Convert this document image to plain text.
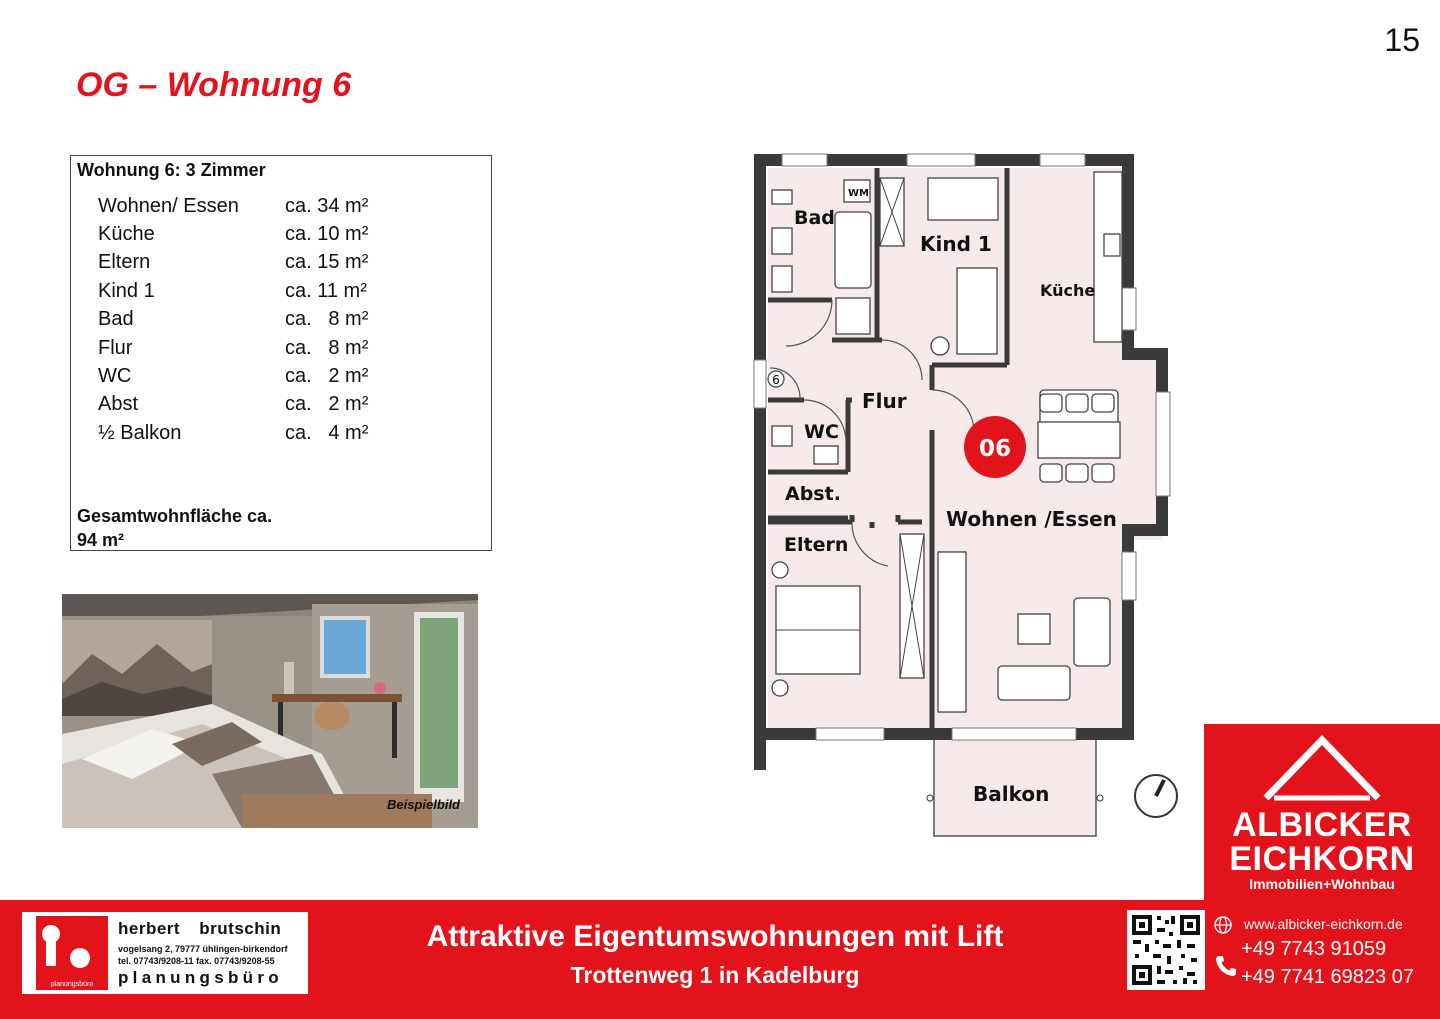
15
OG – Wohnung 6
Wohnung 6: 3 Zimmer
Wohnen/ Essen	ca. 34 m²
Küche	ca. 10 m²
Eltern	ca. 15 m²
Kind 1	ca. 11 m²
Bad	ca.   8 m²
Flur	ca.   8 m²
WC	ca.   2 m²
Abst	ca.   2 m²
½ Balkon	ca.   4 m²
Gesamtwohnfläche ca.
94 m²
Beispielbild
06
6
Bad
WM
Kind 1
Küche
Flur
WC
Abst.
Eltern
Wohnen /Essen
Balkon
ALBICKER
EICHKORN
Immobilien+Wohnbau
planungsbüro
herbert brutschin
vogelsang 2, 79777 ühlingen-birkendorf
tel. 07743/9208-11 fax. 07743/9208-55
planungsbüro
Attraktive Eigentumswohnungen mit Lift
Trottenweg 1 in Kadelburg
www.albicker-eichkorn.de
+49 7743 91059
+49 7741 69823 07
